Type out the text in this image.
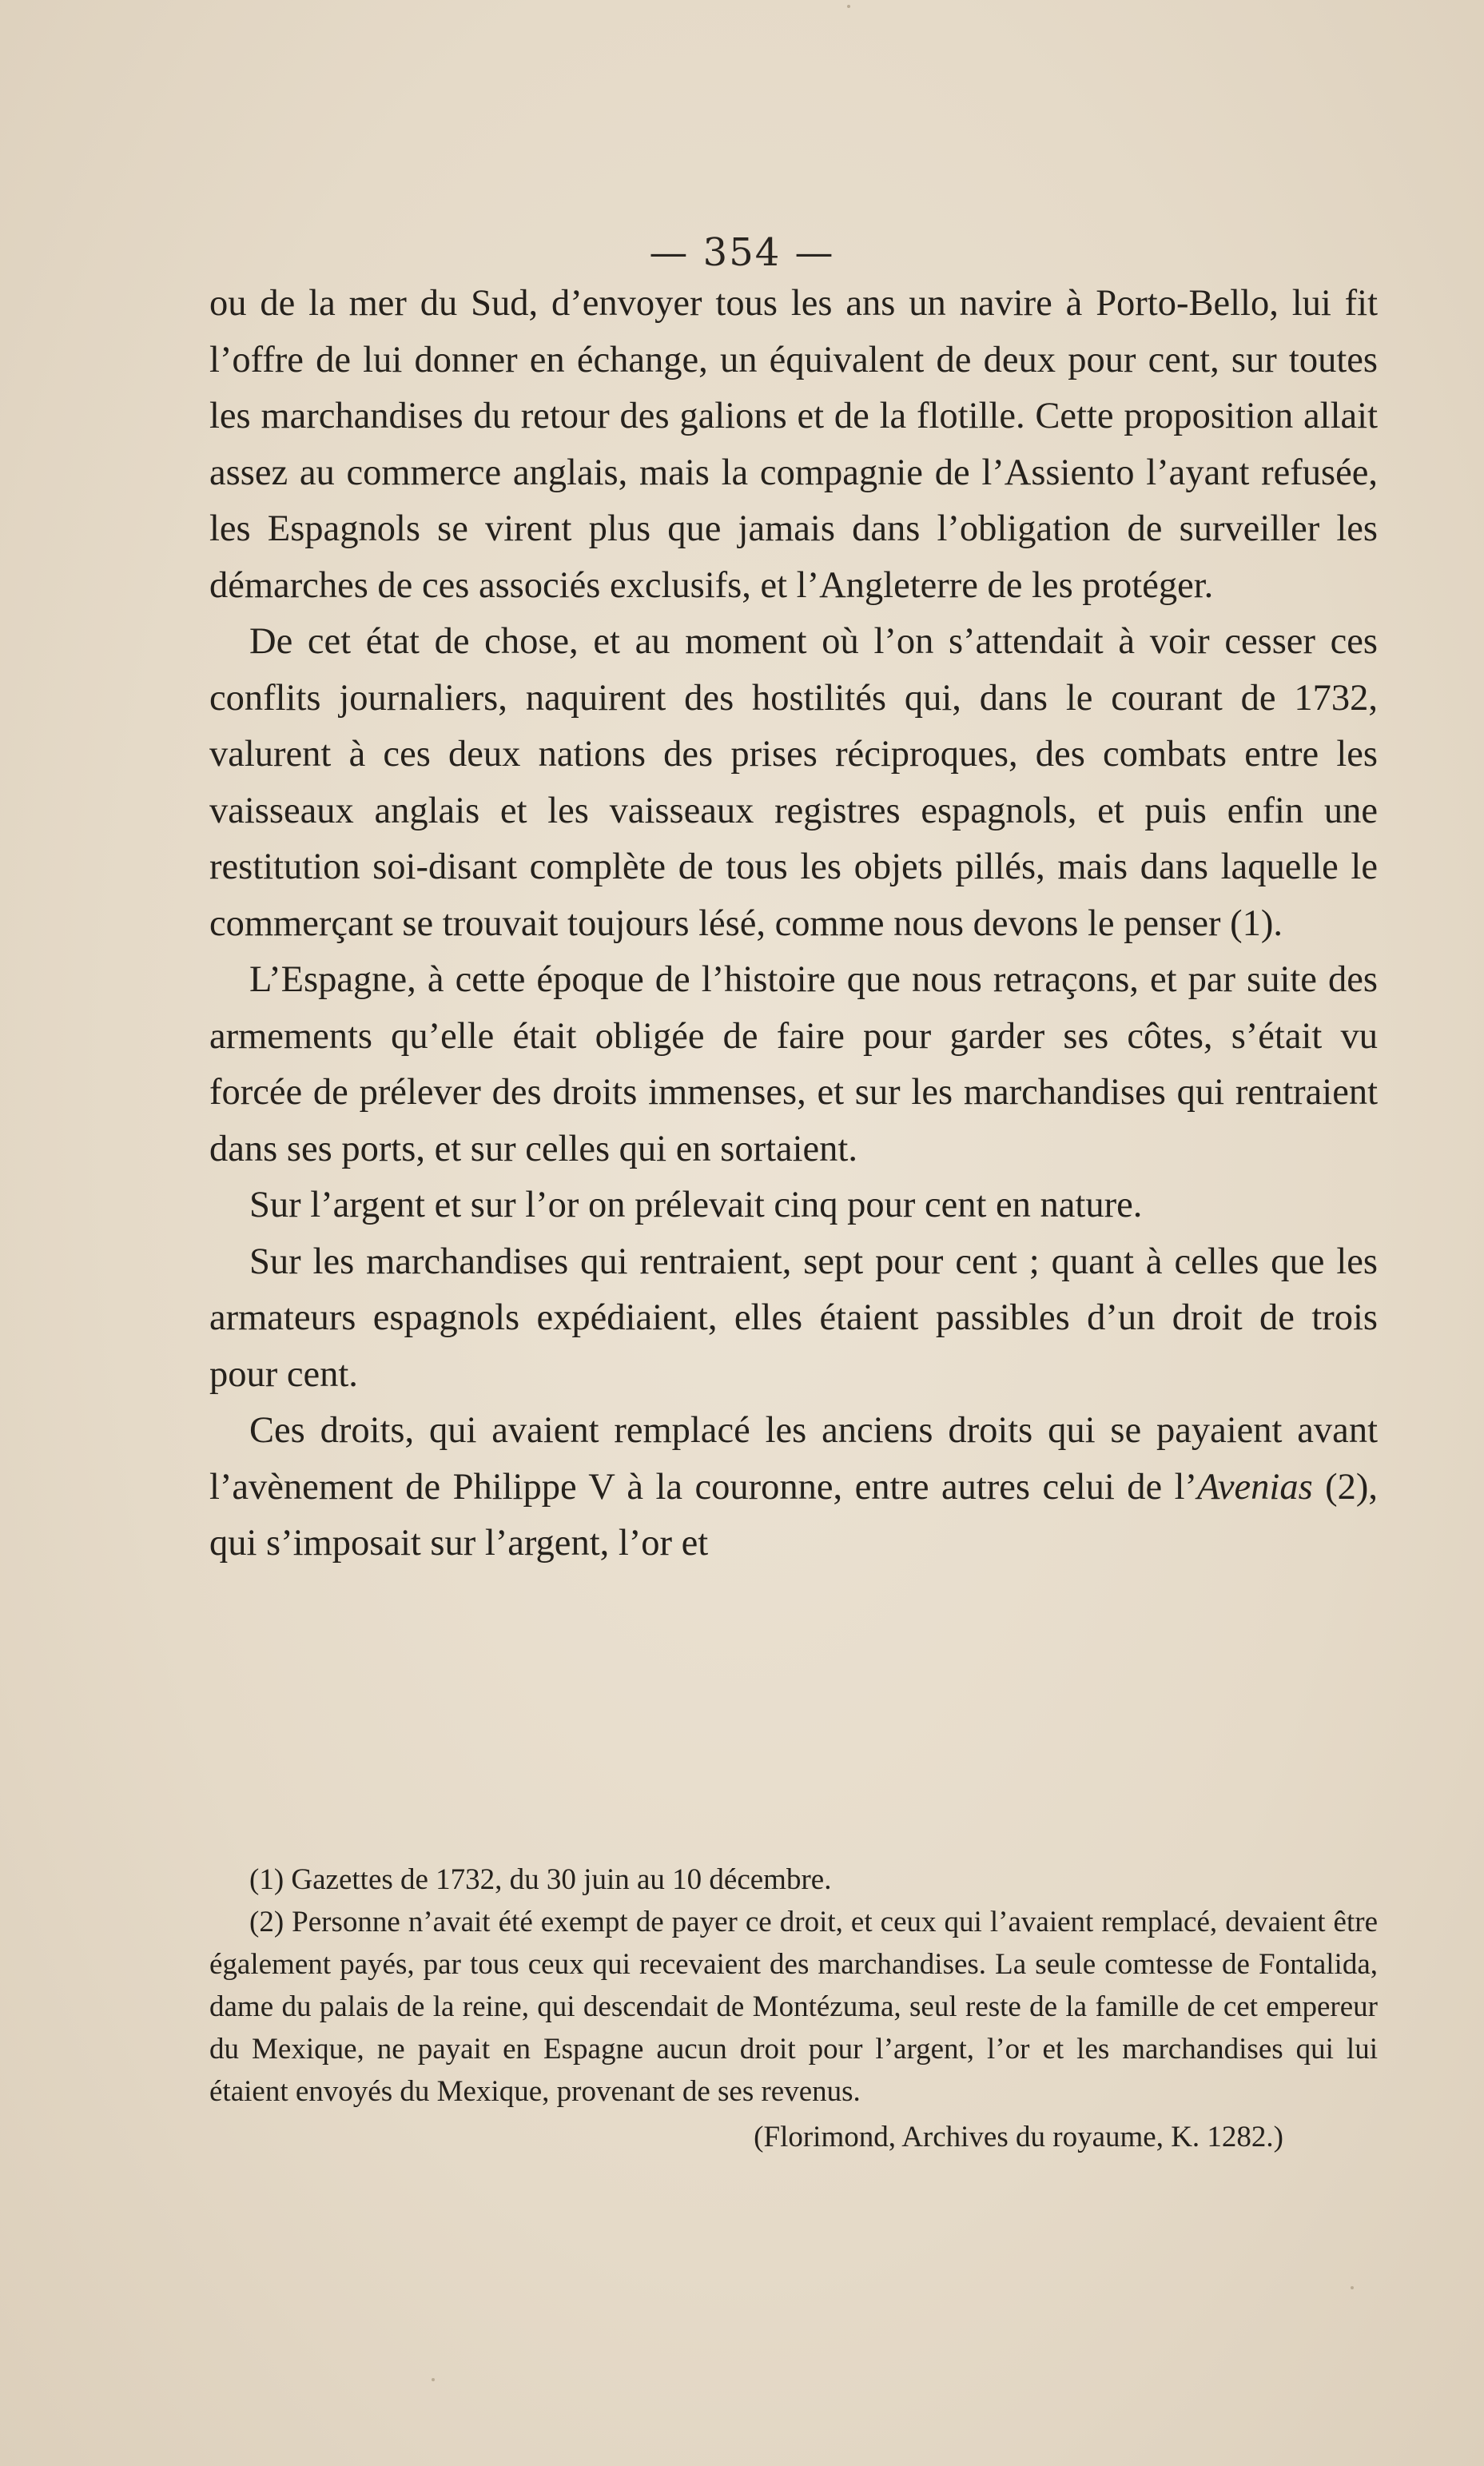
— 354 —

ou de la mer du Sud, d’envoyer tous les ans un navire à Porto-Bello, lui fit l’offre de lui donner en échange, un équivalent de deux pour cent, sur toutes les marchandises du retour des galions et de la flotille. Cette proposition allait assez au commerce anglais, mais la compagnie de l’Assiento l’ayant refusée, les Espagnols se virent plus que jamais dans l’obligation de surveiller les démarches de ces associés exclusifs, et l’Angleterre de les protéger.

De cet état de chose, et au moment où l’on s’attendait à voir cesser ces conflits journaliers, naquirent des hostilités qui, dans le courant de 1732, valurent à ces deux nations des prises réciproques, des combats entre les vaisseaux anglais et les vaisseaux registres espagnols, et puis enfin une restitution soi-disant complète de tous les objets pillés, mais dans laquelle le commerçant se trouvait toujours lésé, comme nous devons le penser (1).

L’Espagne, à cette époque de l’histoire que nous retraçons, et par suite des armements qu’elle était obligée de faire pour garder ses côtes, s’était vu forcée de prélever des droits immenses, et sur les marchandises qui rentraient dans ses ports, et sur celles qui en sortaient.

Sur l’argent et sur l’or on prélevait cinq pour cent en nature.

Sur les marchandises qui rentraient, sept pour cent ; quant à celles que les armateurs espagnols expédiaient, elles étaient passibles d’un droit de trois pour cent.

Ces droits, qui avaient remplacé les anciens droits qui se payaient avant l’avènement de Philippe V à la couronne, entre autres celui de l’Avenias (2), qui s’imposait sur l’argent, l’or et

(1) Gazettes de 1732, du 30 juin au 10 décembre.

(2) Personne n’avait été exempt de payer ce droit, et ceux qui l’avaient remplacé, devaient être également payés, par tous ceux qui recevaient des marchandises. La seule comtesse de Fontalida, dame du palais de la reine, qui descendait de Montézuma, seul reste de la famille de cet empereur du Mexique, ne payait en Espagne aucun droit pour l’argent, l’or et les marchandises qui lui étaient envoyés du Mexique, provenant de ses revenus.

(Florimond, Archives du royaume, K. 1282.)
